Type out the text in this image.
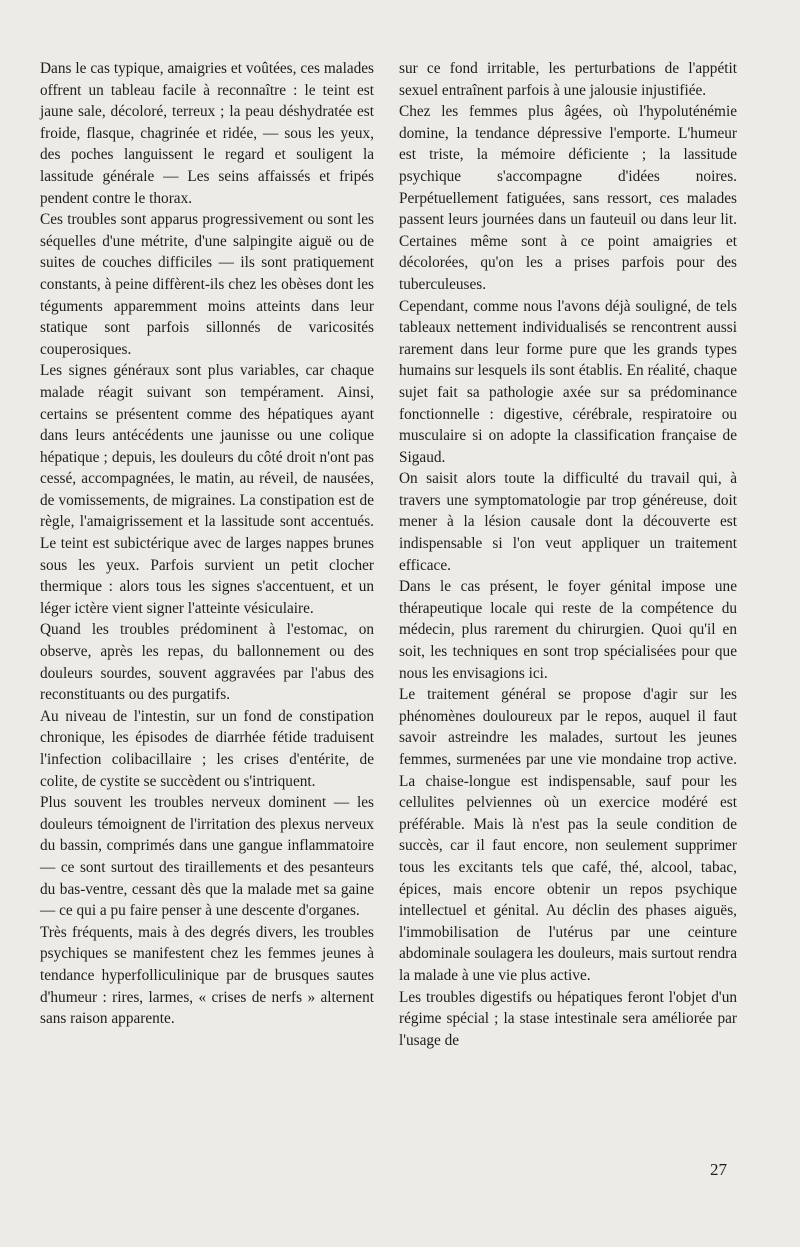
Dans le cas typique, amaigries et voûtées, ces malades offrent un tableau facile à reconnaître : le teint est jaune sale, décoloré, terreux ; la peau déshydratée est froide, flasque, chagrinée et ridée, — sous les yeux, des poches languissent le regard et souligent la lassitude générale — Les seins affaissés et fripés pendent contre le thorax.

Ces troubles sont apparus progressivement ou sont les séquelles d'une métrite, d'une salpingite aiguë ou de suites de couches difficiles — ils sont pratiquement constants, à peine diffèrent-ils chez les obèses dont les téguments apparemment moins atteints dans leur statique sont parfois sillonnés de varicosités couperosiques.

Les signes généraux sont plus variables, car chaque malade réagit suivant son tempérament. Ainsi, certains se présentent comme des hépatiques ayant dans leurs antécédents une jaunisse ou une colique hépatique ; depuis, les douleurs du côté droit n'ont pas cessé, accompagnées, le matin, au réveil, de nausées, de vomissements, de migraines. La constipation est de règle, l'amaigrissement et la lassitude sont accentués. Le teint est subictérique avec de larges nappes brunes sous les yeux. Parfois survient un petit clocher thermique : alors tous les signes s'accentuent, et un léger ictère vient signer l'atteinte vésiculaire.

Quand les troubles prédominent à l'estomac, on observe, après les repas, du ballonnement ou des douleurs sourdes, souvent aggravées par l'abus des reconstituants ou des purgatifs.

Au niveau de l'intestin, sur un fond de constipation chronique, les épisodes de diarrhée fétide traduisent l'infection colibacillaire ; les crises d'entérite, de colite, de cystite se succèdent ou s'intriquent.

Plus souvent les troubles nerveux dominent — les douleurs témoignent de l'irritation des plexus nerveux du bassin, comprimés dans une gangue inflammatoire — ce sont surtout des tiraillements et des pesanteurs du bas-ventre, cessant dès que la malade met sa gaine — ce qui a pu faire penser à une descente d'organes.

Très fréquents, mais à des degrés divers, les troubles psychiques se manifestent chez les femmes jeunes à tendance hyperfolliculinique par de brusques sautes d'humeur : rires, larmes, « crises de nerfs » alternent sans raison apparente.

sur ce fond irritable, les perturbations de l'appétit sexuel entraînent parfois à une jalousie injustifiée.

Chez les femmes plus âgées, où l'hypoluténémie domine, la tendance dépressive l'emporte. L'humeur est triste, la mémoire déficiente ; la lassitude psychique s'accompagne d'idées noires. Perpétuellement fatiguées, sans ressort, ces malades passent leurs journées dans un fauteuil ou dans leur lit. Certaines même sont à ce point amaigries et décolorées, qu'on les a prises parfois pour des tuberculeuses.

Cependant, comme nous l'avons déjà souligné, de tels tableaux nettement individualisés se rencontrent aussi rarement dans leur forme pure que les grands types humains sur lesquels ils sont établis. En réalité, chaque sujet fait sa pathologie axée sur sa prédominance fonctionnelle : digestive, cérébrale, respiratoire ou musculaire si on adopte la classification française de Sigaud.

On saisit alors toute la difficulté du travail qui, à travers une symptomatologie par trop généreuse, doit mener à la lésion causale dont la découverte est indispensable si l'on veut appliquer un traitement efficace.

Dans le cas présent, le foyer génital impose une thérapeutique locale qui reste de la compétence du médecin, plus rarement du chirurgien. Quoi qu'il en soit, les techniques en sont trop spécialisées pour que nous les envisagions ici.

Le traitement général se propose d'agir sur les phénomènes douloureux par le repos, auquel il faut savoir astreindre les malades, surtout les jeunes femmes, surmenées par une vie mondaine trop active. La chaise-longue est indispensable, sauf pour les cellulites pelviennes où un exercice modéré est préférable. Mais là n'est pas la seule condition de succès, car il faut encore, non seulement supprimer tous les excitants tels que café, thé, alcool, tabac, épices, mais encore obtenir un repos psychique intellectuel et génital. Au déclin des phases aiguës, l'immobilisation de l'utérus par une ceinture abdominale soulagera les douleurs, mais surtout rendra la malade à une vie plus active.

Les troubles digestifs ou hépatiques feront l'objet d'un régime spécial ; la stase intestinale sera améliorée par l'usage de

27
